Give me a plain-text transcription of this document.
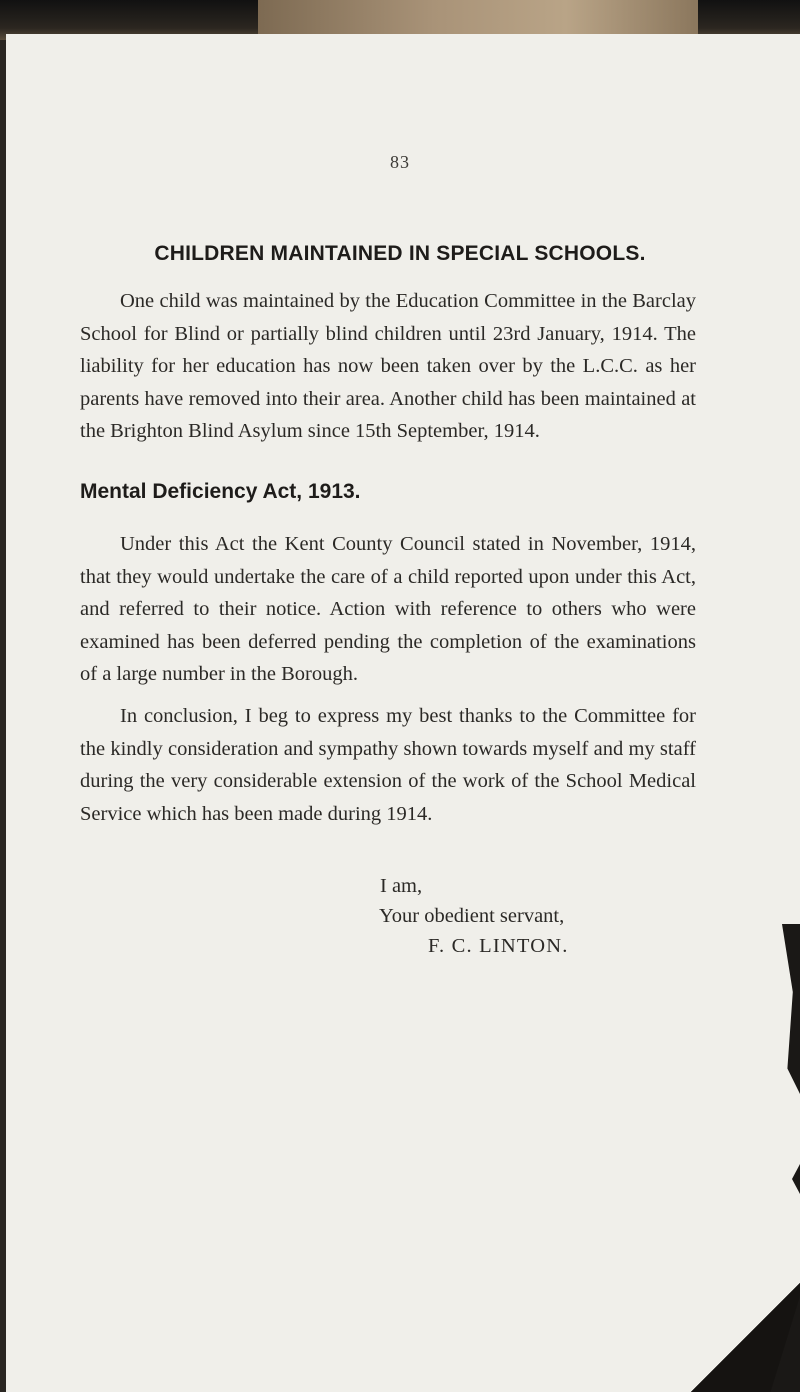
83
CHILDREN MAINTAINED IN SPECIAL SCHOOLS.
One child was maintained by the Education Committee in the Barclay School for Blind or partially blind children until 23rd January, 1914. The liability for her education has now been taken over by the L.C.C. as her parents have removed into their area. Another child has been maintained at the Brighton Blind Asylum since 15th September, 1914.
Mental Deficiency Act, 1913.
Under this Act the Kent County Council stated in November, 1914, that they would undertake the care of a child reported upon under this Act, and referred to their notice. Action with reference to others who were examined has been deferred pending the completion of the examinations of a large number in the Borough.
In conclusion, I beg to express my best thanks to the Committee for the kindly consideration and sympathy shown towards myself and my staff during the very considerable extension of the work of the School Medical Service which has been made during 1914.
I am,
Your obedient servant,
F. C. LINTON.
